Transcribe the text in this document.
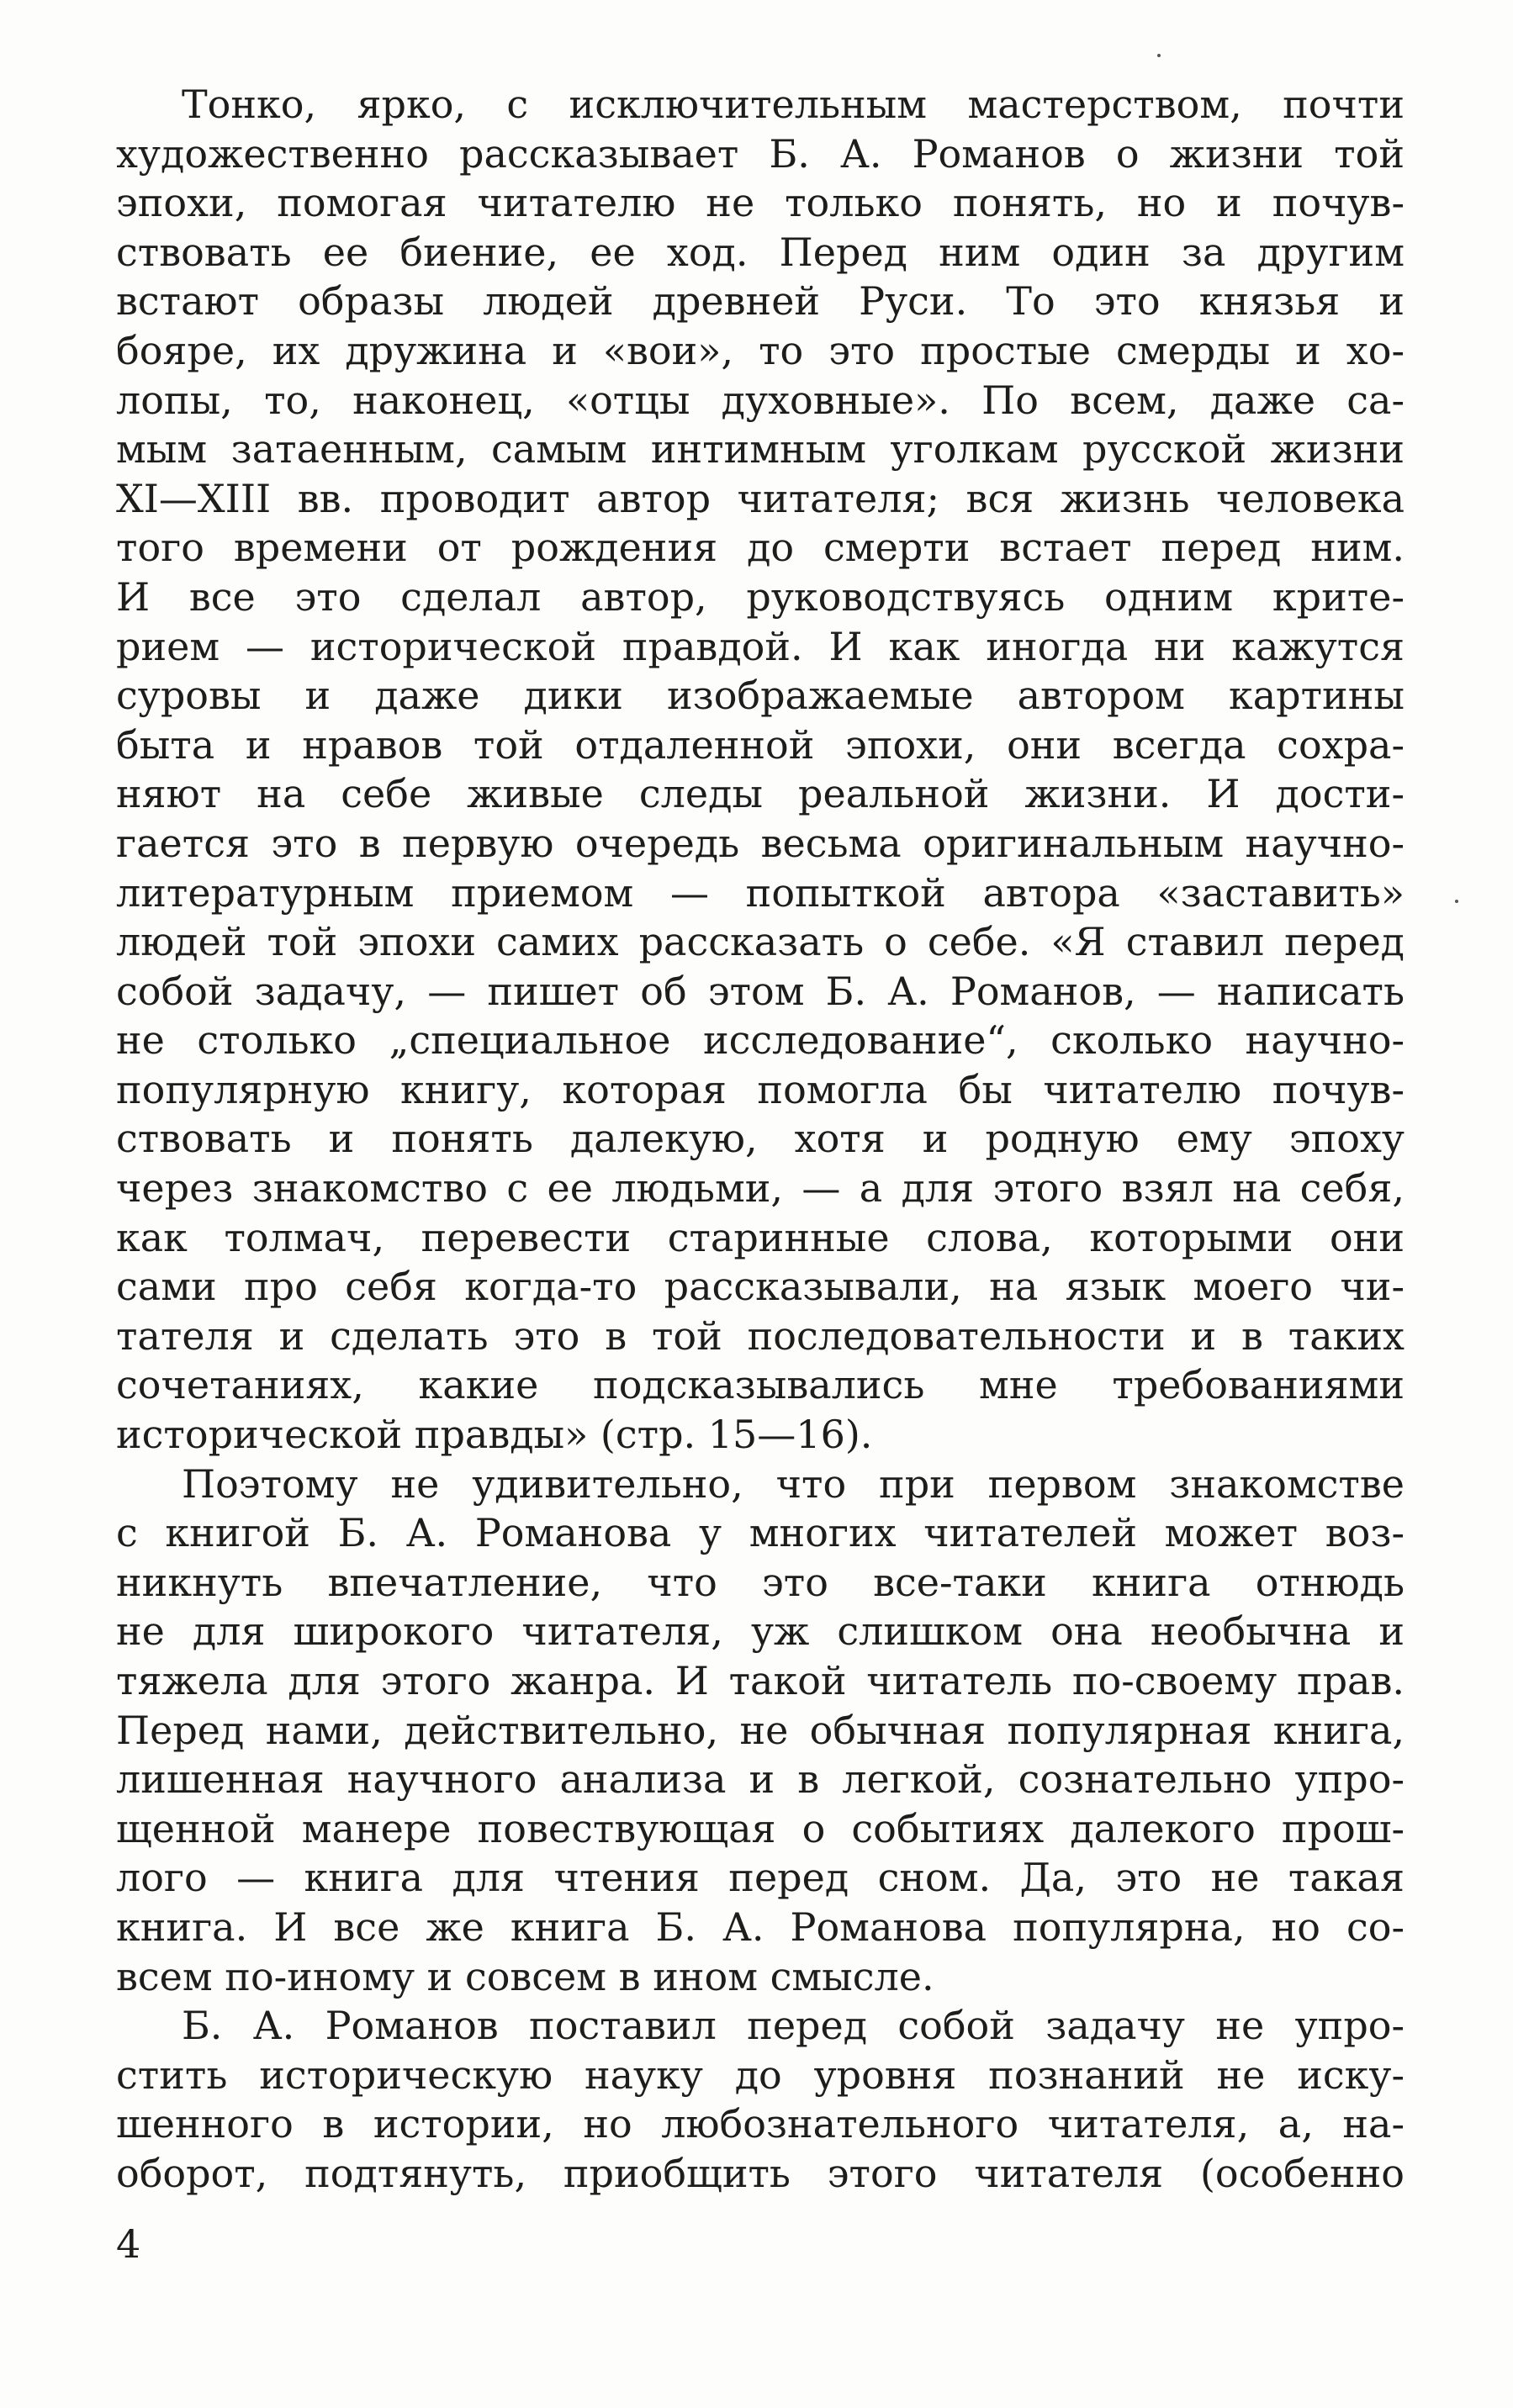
Тонко, ярко, с исключительным мастерством, почти
художественно рассказывает Б. А. Романов о жизни той
эпохи, помогая читателю не только понять, но и почув-
ствовать ее биение, ее ход. Перед ним один за другим
встают образы людей древней Руси. То это князья и
бояре, их дружина и «вои», то это простые смерды и хо-
лопы, то, наконец, «отцы духовные». По всем, даже са-
мым затаенным, самым интимным уголкам русской жизни
XI—XIII вв. проводит автор читателя; вся жизнь человека
того времени от рождения до смерти встает перед ним.
И все это сделал автор, руководствуясь одним крите-
рием — исторической правдой. И как иногда ни кажутся
суровы и даже дики изображаемые автором картины
быта и нравов той отдаленной эпохи, они всегда сохра-
няют на себе живые следы реальной жизни. И дости-
гается это в первую очередь весьма оригинальным научно-
литературным приемом — попыткой автора «заставить»
людей той эпохи самих рассказать о себе. «Я ставил перед
собой задачу, — пишет об этом Б. А. Романов, — написать
не столько „специальное исследование“, сколько научно-
популярную книгу, которая помогла бы читателю почув-
ствовать и понять далекую, хотя и родную ему эпоху
через знакомство с ее людьми, — а для этого взял на себя,
как толмач, перевести старинные слова, которыми они
сами про себя когда-то рассказывали, на язык моего чи-
тателя и сделать это в той последовательности и в таких
сочетаниях, какие подсказывались мне требованиями
исторической правды» (стр. 15—16).
Поэтому не удивительно, что при первом знакомстве
с книгой Б. А. Романова у многих читателей может воз-
никнуть впечатление, что это все-таки книга отнюдь
не для широкого читателя, уж слишком она необычна и
тяжела для этого жанра. И такой читатель по-своему прав.
Перед нами, действительно, не обычная популярная книга,
лишенная научного анализа и в легкой, сознательно упро-
щенной манере повествующая о событиях далекого прош-
лого — книга для чтения перед сном. Да, это не такая
книга. И все же книга Б. А. Романова популярна, но со-
всем по-иному и совсем в ином смысле.
Б. А. Романов поставил перед собой задачу не упро-
стить историческую науку до уровня познаний не иску-
шенного в истории, но любознательного читателя, а, на-
оборот, подтянуть, приобщить этого читателя (особенно
4
